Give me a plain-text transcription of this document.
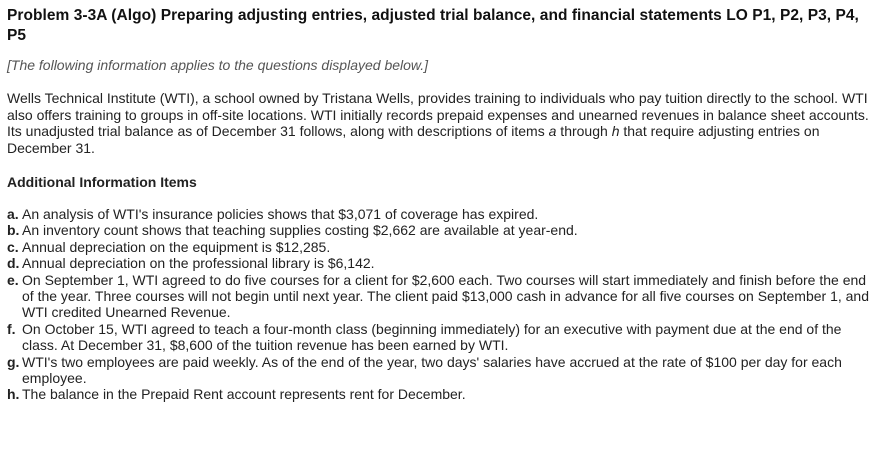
Problem 3-3A (Algo) Preparing adjusting entries, adjusted trial balance, and financial statements LO P1, P2, P3, P4, P5
[The following information applies to the questions displayed below.]

Wells Technical Institute (WTI), a school owned by Tristana Wells, provides training to individuals who pay tuition directly to the school. WTI also offers training to groups in off-site locations. WTI initially records prepaid expenses and unearned revenues in balance sheet accounts. Its unadjusted trial balance as of December 31 follows, along with descriptions of items a through h that require adjusting entries on December 31.

Additional Information Items
a. An analysis of WTI's insurance policies shows that $3,071 of coverage has expired.
b. An inventory count shows that teaching supplies costing $2,662 are available at year-end.
c. Annual depreciation on the equipment is $12,285.
d. Annual depreciation on the professional library is $6,142.
e. On September 1, WTI agreed to do five courses for a client for $2,600 each. Two courses will start immediately and finish before the end of the year. Three courses will not begin until next year. The client paid $13,000 cash in advance for all five courses on September 1, and WTI credited Unearned Revenue.
f. On October 15, WTI agreed to teach a four-month class (beginning immediately) for an executive with payment due at the end of the class. At December 31, $8,600 of the tuition revenue has been earned by WTI.
g. WTI's two employees are paid weekly. As of the end of the year, two days' salaries have accrued at the rate of $100 per day for each employee.
h. The balance in the Prepaid Rent account represents rent for December.
